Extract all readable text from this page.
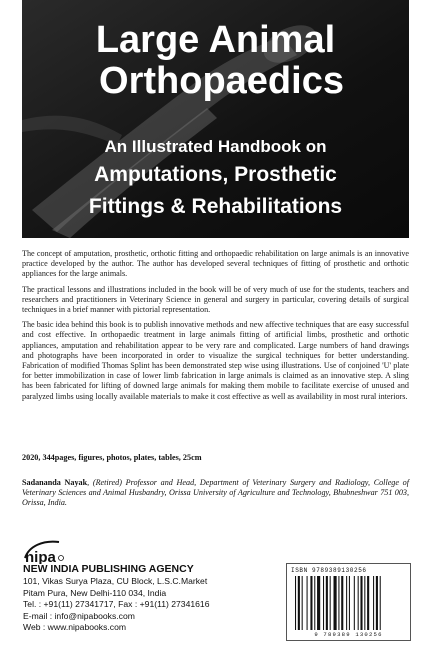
Large Animal
Orthopaedics
An Illustrated Handbook on
Amputations, Prosthetic
Fittings & Rehabilitations

The concept of amputation, prosthetic, orthotic fitting and orthopaedic rehabilitation on large animals is an innovative practice developed by the author. The author has developed several techniques of fitting of prosthetic and orthotic appliances for the large animals.

The practical lessons and illustrations included in the book will be of very much of use for the students, teachers and researchers and practitioners in Veterinary Science in general and surgery in particular, covering details of surgical techniques in a brief manner with pictorial representation.

The basic idea behind this book is to publish innovative methods and new affective techniques that are easy successful and cost effective. In orthopaedic treatment in large animals fitting of artificial limbs, prosthetic and orthotic appliances, amputation and rehabilitation appear to be very rare and complicated. Large numbers of hand drawings and photographs have been incorporated in order to visualize the surgical techniques for better understanding. Fabrication of modified Thomas Splint has been demonstrated step wise using illustrations. Use of conjoined 'U' plate for better immobilization in case of lower limb fabrication in large animals is claimed as an innovative step. A sling has been fabricated for lifting of downed large animals for making them mobile to facilitate exercise of unused and paralyzed limbs using locally available materials to make it cost effective as well as availability in most rural interiors.

2020, 344pages, figures, photos, plates, tables, 25cm
Sadananda Nayak, (Retired) Professor and Head, Department of Veterinary Surgery and Radiology, College of Veterinary Sciences and Animal Husbandry, Orissa University of Agriculture and Technology, Bhubneshwar 751 003, Orissa, India.
nipa
NEW INDIA PUBLISHING AGENCY
101, Vikas Surya Plaza, CU Block, L.S.C.Market
Pitam Pura, New Delhi-110 034, India
Tel. : +91(11) 27341717, Fax : +91(11) 27341616
E-mail : info@nipabooks.com
Web : www.nipabooks.com
ISBN 9789389130256
9 789389 130256
